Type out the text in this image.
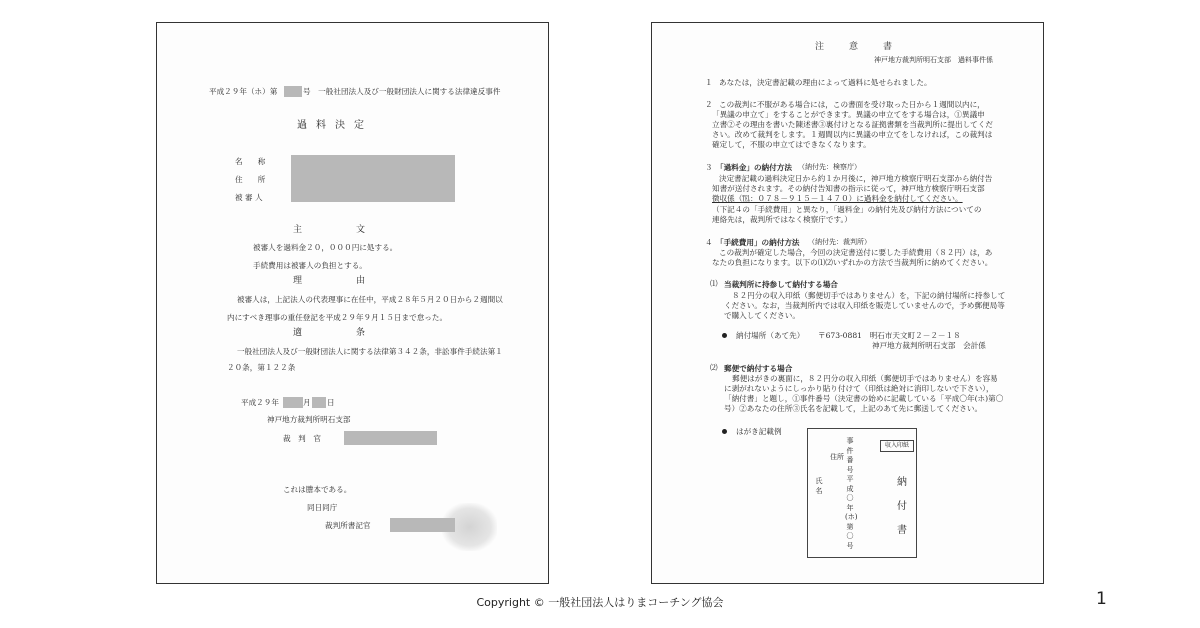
平成２９年（ホ）第	号　一般社団法人及び一般財団法人に関する法律違反事件
過料決定
名　　称
住　　所
被 審 人
主　　　　　　文
被審人を過料金２０，０００円に処する。
手続費用は被審人の負担とする。
理　　　　　　由
被審人は，上記法人の代表理事に在任中，平成２８年５月２０日から２週間以
内にすべき理事の重任登記を平成２９年９月１５日まで怠った。
適　　　　　　条
一般社団法人及び一般財団法人に関する法律第３４２条，非訟事件手続法第１
２０条，第１２２条
平成２９年	月 日
神戸地方裁判所明石支部
裁　判　官
これは謄本である。
同日同庁
裁判所書記官
注　意　書
神戸地方裁判所明石支部　過料事件係
１ あなたは，決定書記載の理由によって過料に処せられました。
２ この裁判に不服がある場合には，この書面を受け取った日から１週間以内に，
「異議の申立て」をすることができます。異議の申立てをする場合は，①異議申
立書②その理由を書いた陳述書③裏付けとなる証拠書類を当裁判所に提出してくだ
さい。改めて裁判をします。１週間以内に異議の申立てをしなければ，この裁判は
確定して，不服の申立てはできなくなります。
３ 「過料金」の納付方法 （納付先：検察庁）
決定書記載の過料決定日から約１か月後に，神戸地方検察庁明石支部から納付告
知書が送付されます。その納付告知書の指示に従って，神戸地方検察庁明石支部
徴収係（℡：０７８－９１５－１４７０）に過料金を納付してください。
（下記４の「手続費用」と異なり，「過料金」の納付先及び納付方法についての
連絡先は，裁判所ではなく検察庁です。）
４ 「手続費用」の納付方法 （納付先：裁判所）
この裁判が確定した場合，今回の決定書送付に要した手続費用（８２円）は，あ
なたの負担になります。以下の⑴⑵いずれかの方法で当裁判所に納めてください。
⑴ 当裁判所に持参して納付する場合
８２円分の収入印紙（郵便切手ではありません）を，下記の納付場所に持参して
ください。なお，当裁判所内では収入印紙を販売していませんので，予め郵便局等
で購入してください。
納付場所（あて先） 〒673-0881　明石市天文町２－２－１８
神戸地方裁判所明石支部　会計係
⑵ 郵便で納付する場合
郵便はがきの裏面に，８２円分の収入印紙（郵便切手ではありません）を容易
に剥がれないようにしっかり貼り付けて（印紙は絶対に消印しないで下さい），
「納付書」と題し，①事件番号（決定書の始めに記載している「平成〇年(ホ)第〇
号）②あなたの住所③氏名を記載して，上記のあて先に郵送してください。
はがき記載例
事件番号
平成〇年(ホ)第〇号
住所
氏名
収入印紙
納付書
Copyright © 一般社団法人はりまコーチング協会	1
